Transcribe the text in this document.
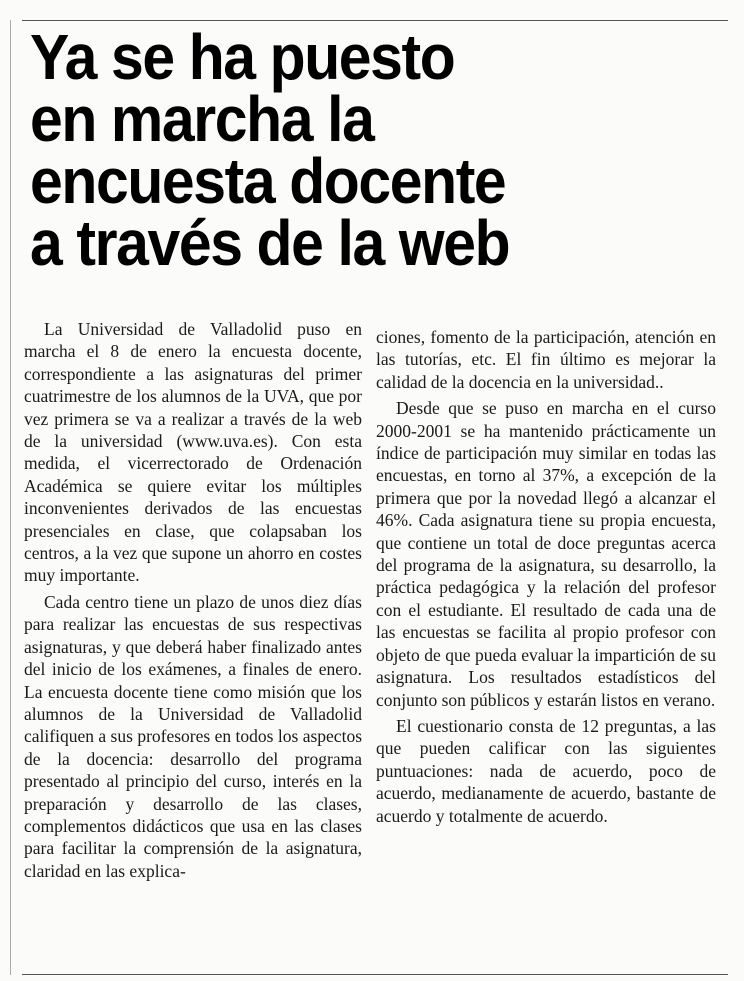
Ya se ha puesto
en marcha la
encuesta docente
a través de la web

La Universidad de Valladolid puso en marcha el 8 de enero la encuesta docente, correspondiente a las asignaturas del primer cuatrimestre de los alumnos de la UVA, que por vez primera se va a realizar a través de la web de la universidad (www.uva.es). Con esta medida, el vicerrectorado de Ordenación Académica se quiere evitar los múltiples inconvenientes derivados de las encuestas presenciales en clase, que colapsaban los centros, a la vez que supone un ahorro en costes muy importante.

Cada centro tiene un plazo de unos diez días para realizar las encuestas de sus respectivas asignaturas, y que deberá haber finalizado antes del inicio de los exámenes, a finales de enero. La encuesta docente tiene como misión que los alumnos de la Universidad de Valladolid califiquen a sus profesores en todos los aspectos de la docencia: desarrollo del programa presentado al principio del curso, interés en la preparación y desarrollo de las clases, complementos didácticos que usa en las clases para facilitar la comprensión de la asignatura, claridad en las explica-

ciones, fomento de la participación, atención en las tutorías, etc. El fin último es mejorar la calidad de la docencia en la universidad..

Desde que se puso en marcha en el curso 2000-2001 se ha mantenido prácticamente un índice de participación muy similar en todas las encuestas, en torno al 37%, a excepción de la primera que por la novedad llegó a alcanzar el 46%. Cada asignatura tiene su propia encuesta, que contiene un total de doce preguntas acerca del programa de la asignatura, su desarrollo, la práctica pedagógica y la relación del profesor con el estudiante. El resultado de cada una de las encuestas se facilita al propio profesor con objeto de que pueda evaluar la impartición de su asignatura. Los resultados estadísticos del conjunto son públicos y estarán listos en verano.

El cuestionario consta de 12 preguntas, a las que pueden calificar con las siguientes puntuaciones: nada de acuerdo, poco de acuerdo, medianamente de acuerdo, bastante de acuerdo y totalmente de acuerdo.
